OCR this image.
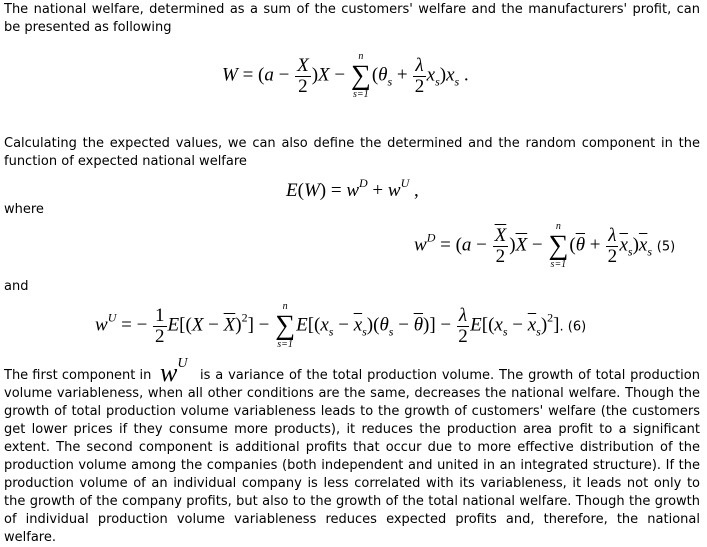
The national welfare, determined as a sum of the customers' welfare and the manufacturers' profit, can be presented as following

$W = (a - \frac{X}{2} )X$ −
n
∑
s=1
$(\theta_s + \frac{\lambda}{2} x_s)x_s$ .

Calculating the expected values, we can also define the determined and the random component in the function of expected national welfare

$E(W) = w^D + w^U$ ,

where

$w^D = (a - \frac{\overline{X}}{2} )\overline{X}$ −
n
∑
s=1
$(\overline{\theta} + \frac{\lambda}{2} \overline{x}_s)\overline{x}_s$ (5)

and

$w^U$ = − $\frac{1}{2} E[(X - \overline{X})^2]$ −
n
∑
s=1
$E[(x_s - \overline{x}_s)(\theta_s - \overline{\theta})] - \frac{\lambda}{2} E[(x_s - \overline{x}_s)^2]$. (6)

The first component in $w^U$

is a variance of the total production volume. The growth of total production volume variableness, when all other conditions are the same, decreases the national welfare. Though the growth of total production volume variableness leads to the growth of customers' welfare (the customers get lower prices if they consume more products), it reduces the production area profit to a significant extent. The second component is additional profits that occur due to more effective distribution of the production volume among the companies (both independent and united in an integrated structure). If the production volume of an individual company is less correlated with its variableness, it leads not only to the growth of the company profits, but also to the growth of the total national welfare. Though the growth of individual production volume variableness reduces expected profits and, therefore, the national welfare.
